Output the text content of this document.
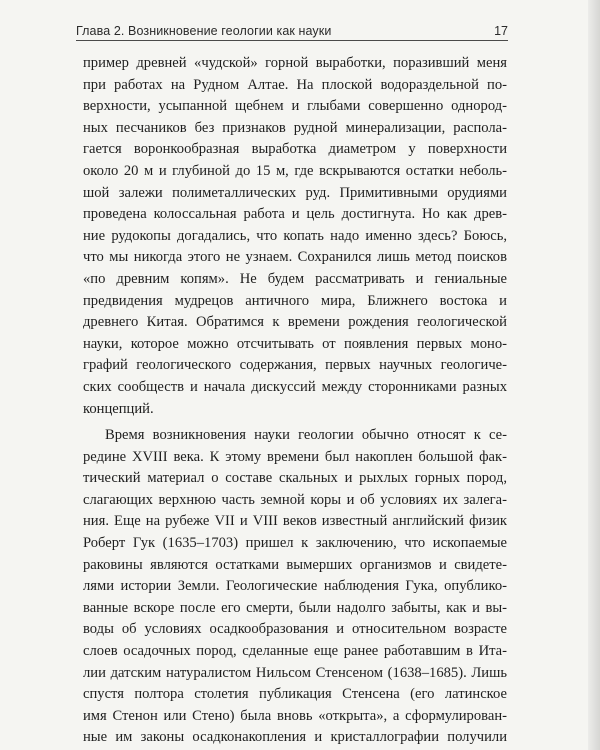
Глава 2. Возникновение геологии как науки	17
пример древней «чудской» горной выработки, поразивший меня
при работах на Рудном Алтае. На плоской водораздельной по-
верхности, усыпанной щебнем и глыбами совершенно однород-
ных песчаников без признаков рудной минерализации, распола-
гается воронкообразная выработка диаметром у поверхности
около 20 м и глубиной до 15 м, где вскрываются остатки неболь-
шой залежи полиметаллических руд. Примитивными орудиями
проведена колоссальная работа и цель достигнута. Но как древ-
ние рудокопы догадались, что копать надо именно здесь? Боюсь,
что мы никогда этого не узнаем. Сохранился лишь метод поисков
«по древним копям». Не будем рассматривать и гениальные
предвидения мудрецов античного мира, Ближнего востока и
древнего Китая. Обратимся к времени рождения геологической
науки, которое можно отсчитывать от появления первых моно-
графий геологического содержания, первых научных геологиче-
ских сообществ и начала дискуссий между сторонниками разных
концепций.
Время возникновения науки геологии обычно относят к се-
редине XVIII века. К этому времени был накоплен большой фак-
тический материал о составе скальных и рыхлых горных пород,
слагающих верхнюю часть земной коры и об условиях их залега-
ния. Еще на рубеже VII и VIII веков известный английский физик
Роберт Гук (1635–1703) пришел к заключению, что ископаемые
раковины являются остатками вымерших организмов и свидете-
лями истории Земли. Геологические наблюдения Гука, опублико-
ванные вскоре после его смерти, были надолго забыты, как и вы-
воды об условиях осадкообразования и относительном возрасте
слоев осадочных пород, сделанные еще ранее работавшим в Ита-
лии датским натуралистом Нильсом Стенсеном (1638–1685). Лишь
спустя полтора столетия публикация Стенсена (его латинское
имя Стенон или Стено) была вновь «открыта», а сформулирован-
ные им законы осадконакопления и кристаллографии получили
